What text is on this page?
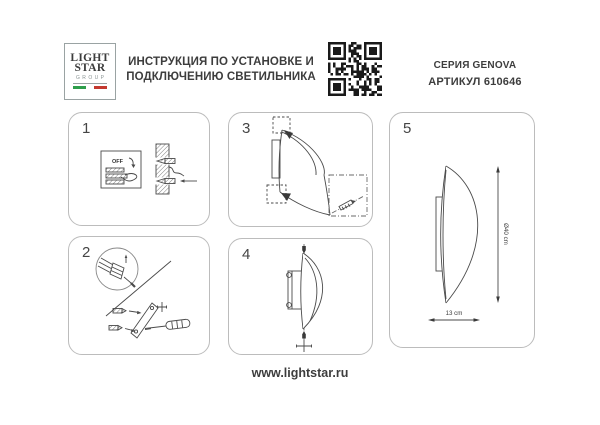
LIGHT
STAR
GROUP
ИНСТРУКЦИЯ ПО УСТАНОВКЕ И
ПОДКЛЮЧЕНИЮ СВЕТИЛЬНИКА
СЕРИЯ GENOVA
АРТИКУЛ 610646
1
OFF
2
3
4
5
Ø40 cm
13 cm
www.lightstar.ru
